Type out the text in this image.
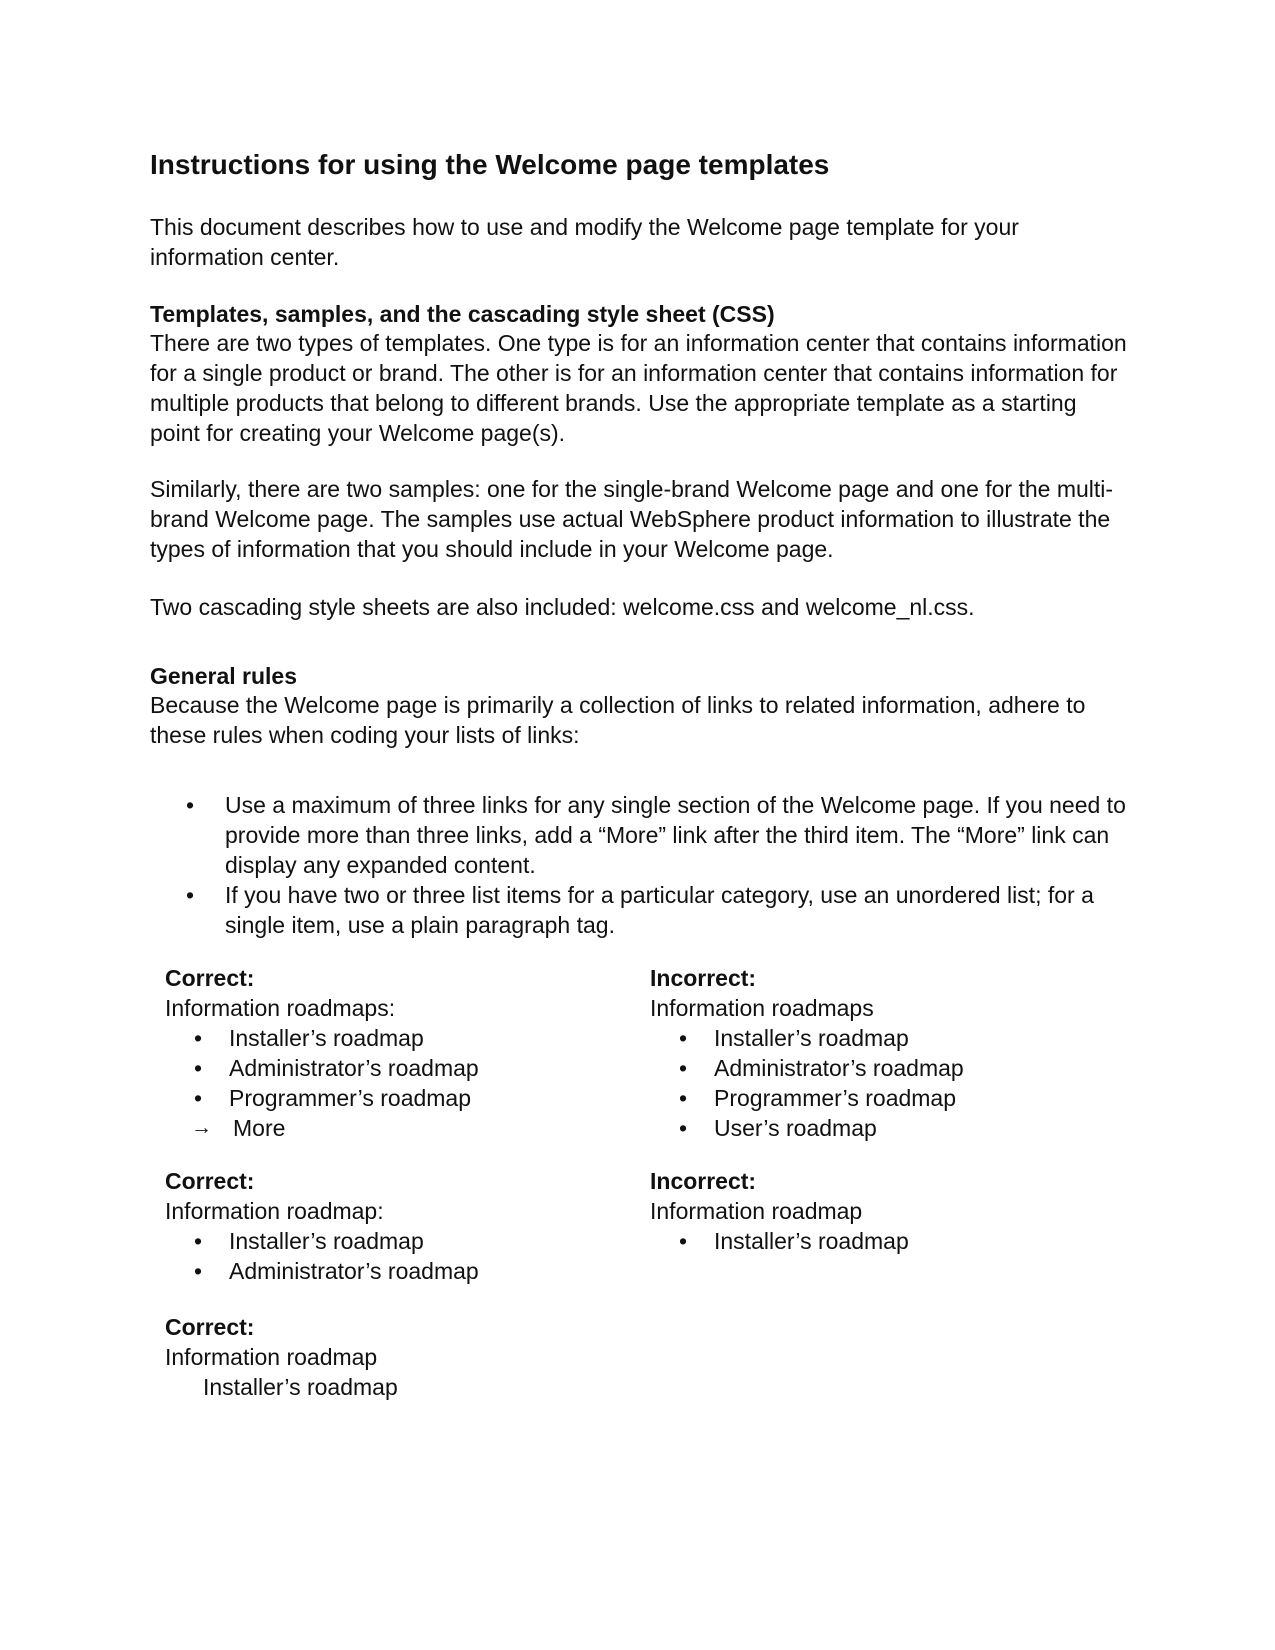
Instructions for using the Welcome page templates

This document describes how to use and modify the Welcome page template for your information center.

Templates, samples, and the cascading style sheet (CSS)

There are two types of templates. One type is for an information center that contains information for a single product or brand. The other is for an information center that contains information for multiple products that belong to different brands. Use the appropriate template as a starting point for creating your Welcome page(s).

Similarly, there are two samples: one for the single-brand Welcome page and one for the multi-brand Welcome page. The samples use actual WebSphere product information to illustrate the types of information that you should include in your Welcome page.

Two cascading style sheets are also included: welcome.css and welcome_nl.css.

General rules

Because the Welcome page is primarily a collection of links to related information, adhere to these rules when coding your lists of links:

• Use a maximum of three links for any single section of the Welcome page. If you need to provide more than three links, add a “More” link after the third item. The “More” link can display any expanded content.
• If you have two or three list items for a particular category, use an unordered list; for a single item, use a plain paragraph tag.
Correct:
Information roadmaps:
• Installer’s roadmap
• Administrator’s roadmap
• Programmer’s roadmap
→ More
Incorrect:
Information roadmaps
• Installer’s roadmap
• Administrator’s roadmap
• Programmer’s roadmap
• User’s roadmap
Correct:
Information roadmap:
• Installer’s roadmap
• Administrator’s roadmap
Incorrect:
Information roadmap
• Installer’s roadmap
Correct:
Information roadmap
Installer’s roadmap
